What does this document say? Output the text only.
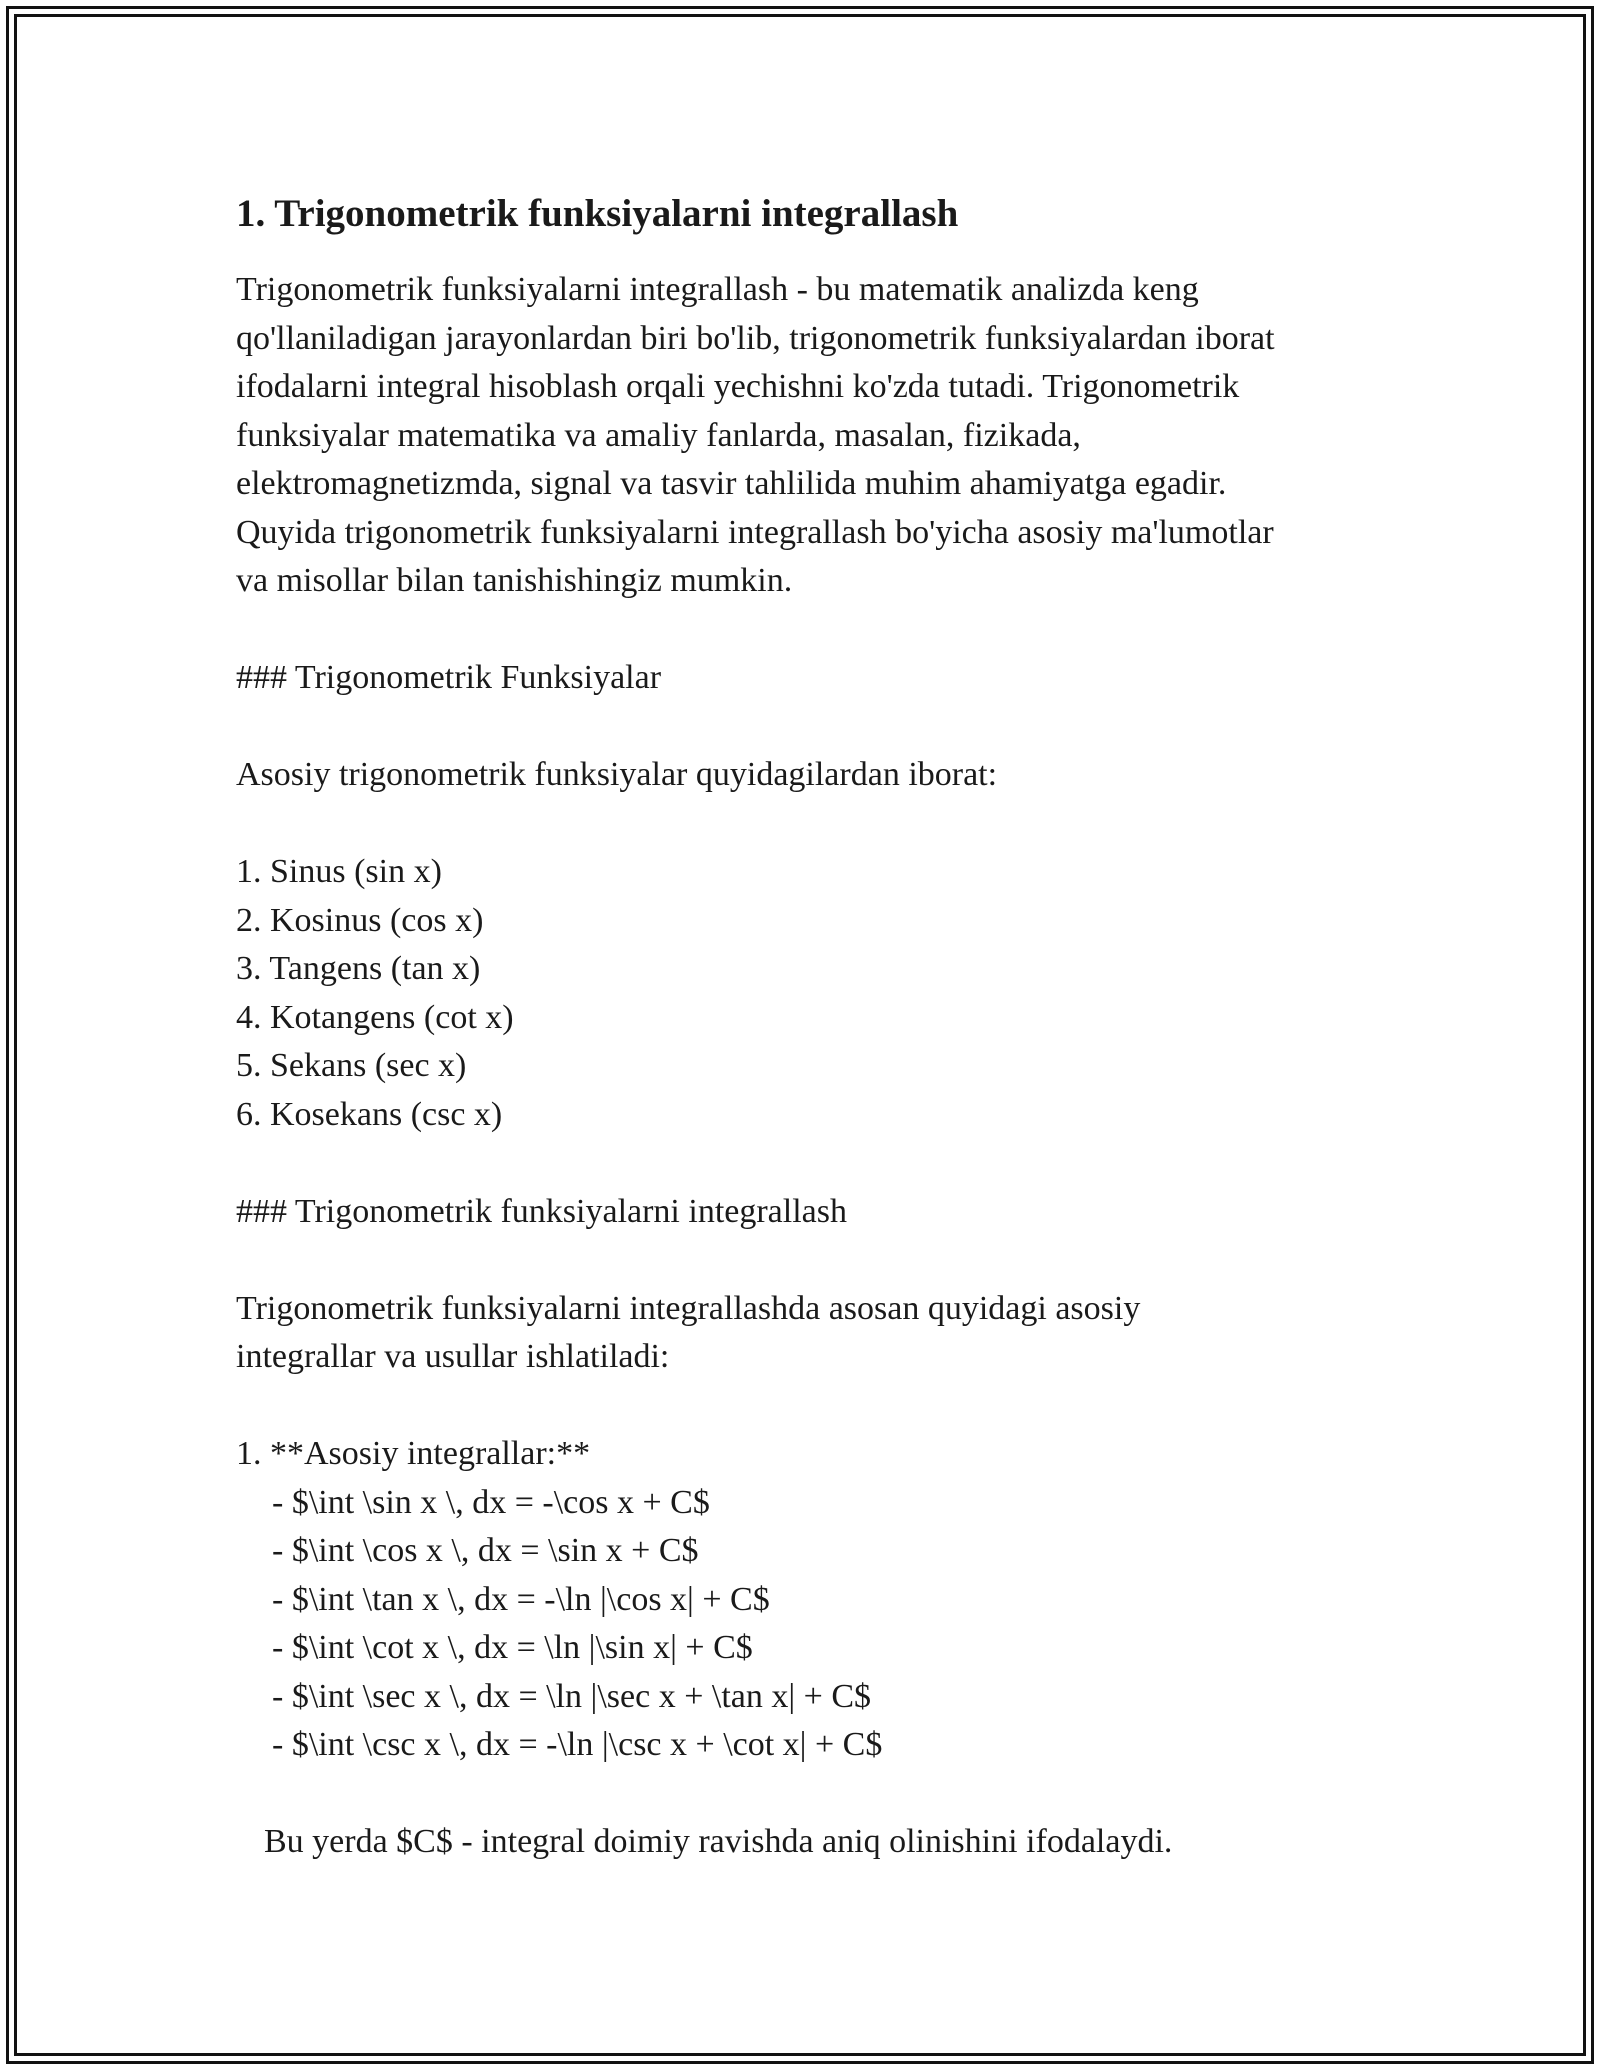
1. Trigonometrik funksiyalarni integrallash

Trigonometrik funksiyalarni integrallash - bu matematik analizda keng
qo'llaniladigan jarayonlardan biri bo'lib, trigonometrik funksiyalardan iborat
ifodalarni integral hisoblash orqali yechishni ko'zda tutadi. Trigonometrik
funksiyalar matematika va amaliy fanlarda, masalan, fizikada,
elektromagnetizmda, signal va tasvir tahlilida muhim ahamiyatga egadir.
Quyida trigonometrik funksiyalarni integrallash bo'yicha asosiy ma'lumotlar
va misollar bilan tanishishingiz mumkin.

### Trigonometrik Funksiyalar
Asosiy trigonometrik funksiyalar quyidagilardan iborat:
1. Sinus (sin x)
2. Kosinus (cos x)
3. Tangens (tan x)
4. Kotangens (cot x)
5. Sekans (sec x)
6. Kosekans (csc x)
### Trigonometrik funksiyalarni integrallash

Trigonometrik funksiyalarni integrallashda asosan quyidagi asosiy
integrallar va usullar ishlatiladi:

1. **Asosiy integrallar:**
- $\int \sin x \, dx = -\cos x + C$
- $\int \cos x \, dx = \sin x + C$
- $\int \tan x \, dx = -\ln |\cos x| + C$
- $\int \cot x \, dx = \ln |\sin x| + C$
- $\int \sec x \, dx = \ln |\sec x + \tan x| + C$
- $\int \csc x \, dx = -\ln |\csc x + \cot x| + C$
Bu yerda $C$ - integral doimiy ravishda aniq olinishini ifodalaydi.
